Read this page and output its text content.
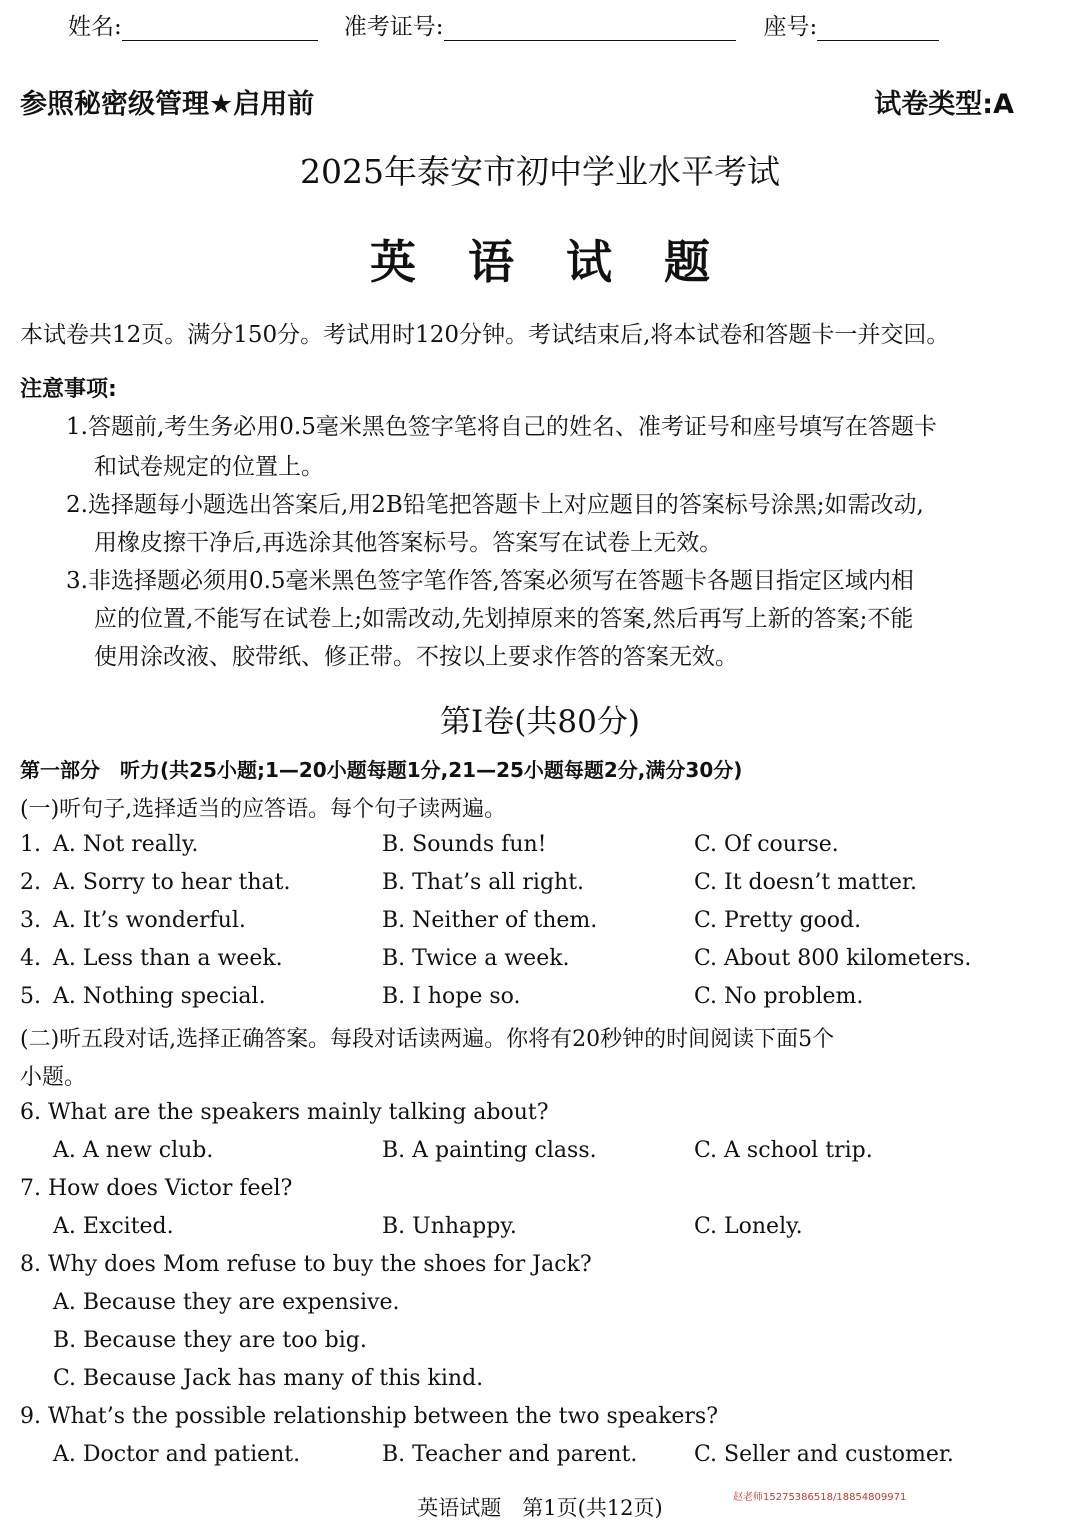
姓名:	准考证号:	座号:
参照秘密级管理★启用前	试卷类型:A
2025年泰安市初中学业水平考试
英语试题
本试卷共12页。满分150分。考试用时120分钟。考试结束后,将本试卷和答题卡一并交回。
注意事项:
1.答题前,考生务必用0.5毫米黑色签字笔将自己的姓名、准考证号和座号填写在答题卡
和试卷规定的位置上。
2.选择题每小题选出答案后,用2B铅笔把答题卡上对应题目的答案标号涂黑;如需改动,
用橡皮擦干净后,再选涂其他答案标号。答案写在试卷上无效。
3.非选择题必须用0.5毫米黑色签字笔作答,答案必须写在答题卡各题目指定区域内相
应的位置,不能写在试卷上;如需改动,先划掉原来的答案,然后再写上新的答案;不能
使用涂改液、胶带纸、修正带。不按以上要求作答的答案无效。
第Ⅰ卷(共80分)
第一部分　听力(共25小题;1—20小题每题1分,21—25小题每题2分,满分30分)
(一)听句子,选择适当的应答语。每个句子读两遍。
1. A. Not really.	B. Sounds fun!	C. Of course.
2. A. Sorry to hear that.	B. That’s all right.	C. It doesn’t matter.
3. A. It’s wonderful.	B. Neither of them.	C. Pretty good.
4. A. Less than a week.	B. Twice a week.	C. About 800 kilometers.
5. A. Nothing special.	B. I hope so.	C. No problem.
(二)听五段对话,选择正确答案。每段对话读两遍。你将有20秒钟的时间阅读下面5个
小题。
6. What are the speakers mainly talking about?
A. A new club.	B. A painting class.	C. A school trip.
7. How does Victor feel?
A. Excited.	B. Unhappy.	C. Lonely.
8. Why does Mom refuse to buy the shoes for Jack?
A. Because they are expensive.
B. Because they are too big.
C. Because Jack has many of this kind.
9. What’s the possible relationship between the two speakers?
A. Doctor and patient.	B. Teacher and parent.	C. Seller and customer.
英语试题　第1页(共12页)	赵老师15275386518/18854809971
